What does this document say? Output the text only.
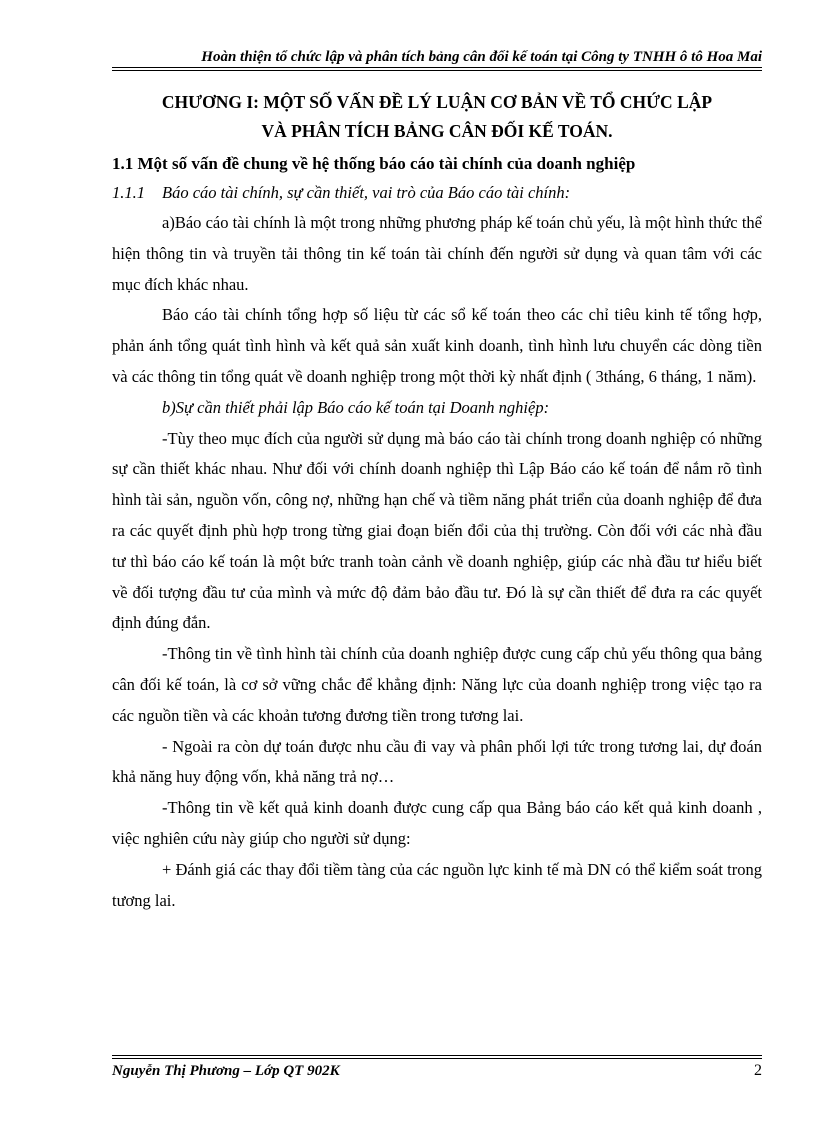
Hoàn thiện tổ chức lập và phân tích bảng cân đối kế toán tại Công ty TNHH ô tô Hoa Mai
CHƯƠNG I: MỘT SỐ VẤN ĐỀ LÝ LUẬN CƠ BẢN VỀ TỔ CHỨC LẬP
VÀ PHÂN TÍCH BẢNG CÂN ĐỐI KẾ TOÁN.

1.1 Một số vấn đề chung về hệ thống báo cáo tài chính của doanh nghiệp

1.1.1 Báo cáo tài chính, sự cần thiết, vai trò của Báo cáo tài chính:

a)Báo cáo tài chính là một trong những phương pháp kế toán chủ yếu, là một hình thức thể hiện thông tin và truyền tải thông tin kế toán tài chính đến người sử dụng và quan tâm với các mục đích khác nhau.

Báo cáo tài chính tổng hợp số liệu từ các sổ kế toán theo các chỉ tiêu kinh tế tổng hợp, phản ánh tổng quát tình hình và kết quả sản xuất kinh doanh, tình hình lưu chuyển các dòng tiền và các thông tin tổng quát về doanh nghiệp trong một thời kỳ nhất định ( 3tháng, 6 tháng, 1 năm).

b)Sự cần thiết phải lập Báo cáo kế toán tại Doanh nghiệp:

-Tùy theo mục đích của người sử dụng mà báo cáo tài chính trong doanh nghiệp có những sự cần thiết khác nhau. Như đối với chính doanh nghiệp thì Lập Báo cáo kế toán để nắm rõ tình hình tài sản, nguồn vốn, công nợ, những hạn chế và tiềm năng phát triển của doanh nghiệp để đưa ra các quyết định phù hợp trong từng giai đoạn biến đổi của thị trường. Còn đối với các nhà đầu tư thì báo cáo kế toán là một bức tranh toàn cảnh về doanh nghiệp, giúp các nhà đầu tư hiểu biết về đối tượng đầu tư của mình và mức độ đảm bảo đầu tư. Đó là sự cần thiết để đưa ra các quyết định đúng đắn.

-Thông tin về tình hình tài chính của doanh nghiệp được cung cấp chủ yếu thông qua bảng cân đối kế toán, là cơ sở vững chắc để khẳng định: Năng lực của doanh nghiệp trong việc tạo ra các nguồn tiền và các khoản tương đương tiền trong tương lai.

- Ngoài ra còn dự toán được nhu cầu đi vay và phân phối lợi tức trong tương lai, dự đoán khả năng huy động vốn, khả năng trả nợ…

-Thông tin về kết quả kinh doanh được cung cấp qua Bảng báo cáo kết quả kinh doanh , việc nghiên cứu này giúp cho người sử dụng:

+ Đánh giá các thay đổi tiềm tàng của các nguồn lực kinh tế mà DN có thể kiểm soát trong tương lai.

Nguyễn Thị Phương – Lớp QT 902K	2
